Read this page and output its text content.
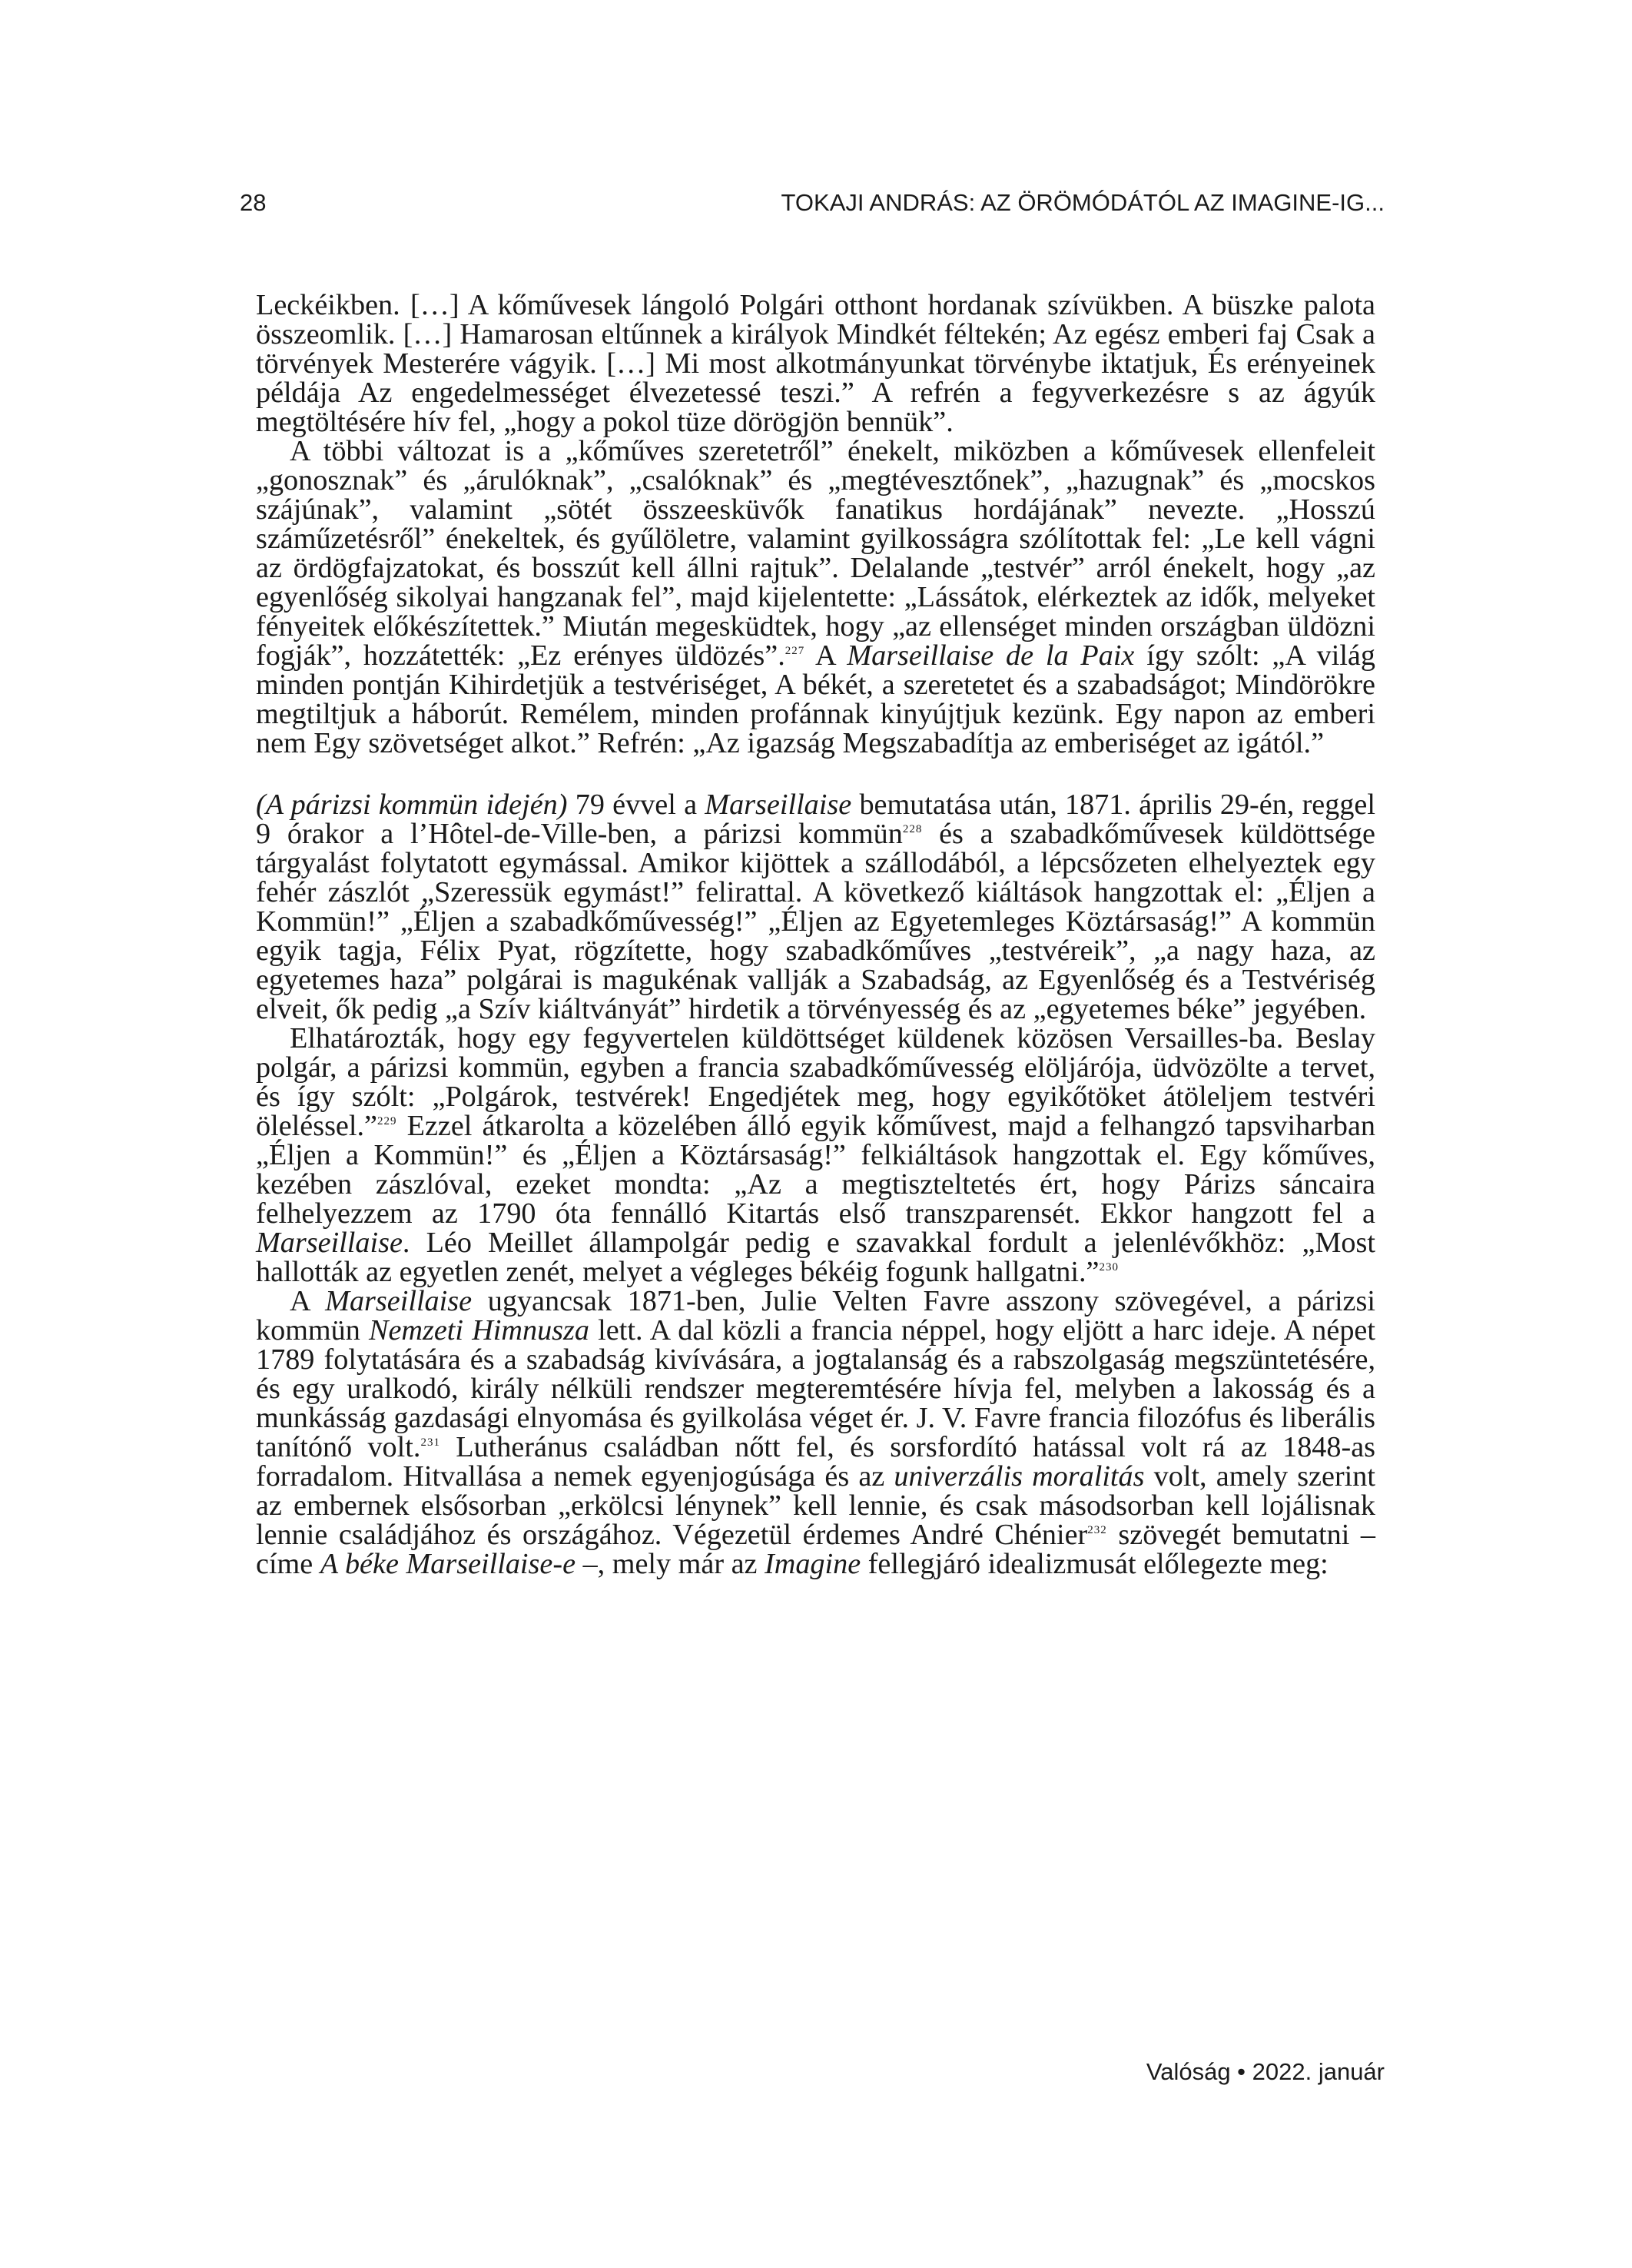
28	TOKAJI ANDRÁS: AZ ÖRÖMÓDÁTÓL AZ IMAGINE-IG...

Leckéikben. […] A kőművesek lángoló Polgári otthont hordanak szívükben. A büszke palota összeomlik. […] Hamarosan eltűnnek a királyok Mindkét féltekén; Az egész emberi faj Csak a törvények Mesterére vágyik. […] Mi most alkotmányunkat törvénybe iktatjuk, És erényeinek példája Az engedelmességet élvezetessé teszi.” A refrén a fegyverkezésre s az ágyúk megtöltésére hív fel, „hogy a pokol tüze dörögjön bennük”.

A többi változat is a „kőműves szeretetről” énekelt, miközben a kőművesek ellenfeleit „gonosznak” és „árulóknak”, „csalóknak” és „megtévesztőnek”, „hazugnak” és „mocskos szájúnak”, valamint „sötét összeesküvők fanatikus hordájának” nevezte. „Hosszú száműzetésről” énekeltek, és gyűlöletre, valamint gyilkosságra szólítottak fel: „Le kell vágni az ördögfajzatokat, és bosszút kell állni rajtuk”. Delalande „testvér” arról énekelt, hogy „az egyenlőség sikolyai hangzanak fel”, majd kijelentette: „Lássátok, elérkeztek az idők, melyeket fényeitek előkészítettek.” Miután megesküdtek, hogy „az ellenséget minden országban üldözni fogják”, hozzátették: „Ez erényes üldözés”.$^{227}$ A Marseillaise de la Paix így szólt: „A világ minden pontján Kihirdetjük a testvériséget, A békét, a szeretetet és a szabadságot; Mindörökre megtiltjuk a háborút. Remélem, minden profánnak kinyújtjuk kezünk. Egy napon az emberi nem Egy szövetséget alkot.” Refrén: „Az igazság Megszabadítja az emberiséget az igától.”

(A párizsi kommün idején) 79 évvel a Marseillaise bemutatása után, 1871. április 29-én, reggel 9 órakor a l’Hôtel-de-Ville-ben, a párizsi kommün$^{228}$ és a szabadkőművesek küldöttsége tárgyalást folytatott egymással. Amikor kijöttek a szállodából, a lépcsőzeten elhelyeztek egy fehér zászlót „Szeressük egymást!” felirattal. A következő kiáltások hangzottak el: „Éljen a Kommün!” „Éljen a szabadkőművesség!” „Éljen az Egyetemleges Köztársaság!” A kommün egyik tagja, Félix Pyat, rögzítette, hogy szabadkőműves „testvéreik”, „a nagy haza, az egyetemes haza” polgárai is magukénak vallják a Szabadság, az Egyenlőség és a Testvériség elveit, ők pedig „a Szív kiáltványát” hirdetik a törvényesség és az „egyetemes béke” jegyében.

Elhatározták, hogy egy fegyvertelen küldöttséget küldenek közösen Versailles-ba. Beslay polgár, a párizsi kommün, egyben a francia szabadkőművesség elöljárója, üdvözölte a tervet, és így szólt: „Polgárok, testvérek! Engedjétek meg, hogy egyikőtöket átöleljem testvéri öleléssel.”$^{229}$ Ezzel átkarolta a közelében álló egyik kőművest, majd a felhangzó tapsviharban „Éljen a Kommün!” és „Éljen a Köztársaság!” felkiáltások hangzottak el. Egy kőműves, kezében zászlóval, ezeket mondta: „Az a megtiszteltetés ért, hogy Párizs sáncaira felhelyezzem az 1790 óta fennálló Kitartás első transzparensét. Ekkor hangzott fel a Marseillaise. Léo Meillet állampolgár pedig e szavakkal fordult a jelenlévőkhöz: „Most hallották az egyetlen zenét, melyet a végleges békéig fogunk hallgatni.”$^{230}$

A Marseillaise ugyancsak 1871-ben, Julie Velten Favre asszony szövegével, a párizsi kommün Nemzeti Himnusza lett. A dal közli a francia néppel, hogy eljött a harc ideje. A népet 1789 folytatására és a szabadság kivívására, a jogtalanság és a rabszolgaság megszüntetésére, és egy uralkodó, király nélküli rendszer megteremtésére hívja fel, melyben a lakosság és a munkásság gazdasági elnyomása és gyilkolása véget ér. J. V. Favre francia filozófus és liberális tanítónő volt.$^{231}$ Lutheránus családban nőtt fel, és sorsfordító hatással volt rá az 1848-as forradalom. Hitvallása a nemek egyenjogúsága és az univerzális moralitás volt, amely szerint az embernek elsősorban „erkölcsi lénynek” kell lennie, és csak másodsorban kell lojálisnak lennie családjához és országához. Végezetül érdemes André Chénier$^{232}$ szövegét bemutatni – címe A béke Marseillaise-e –, mely már az Imagine fellegjáró idealizmusát előlegezte meg:

Valóság • 2022. január
